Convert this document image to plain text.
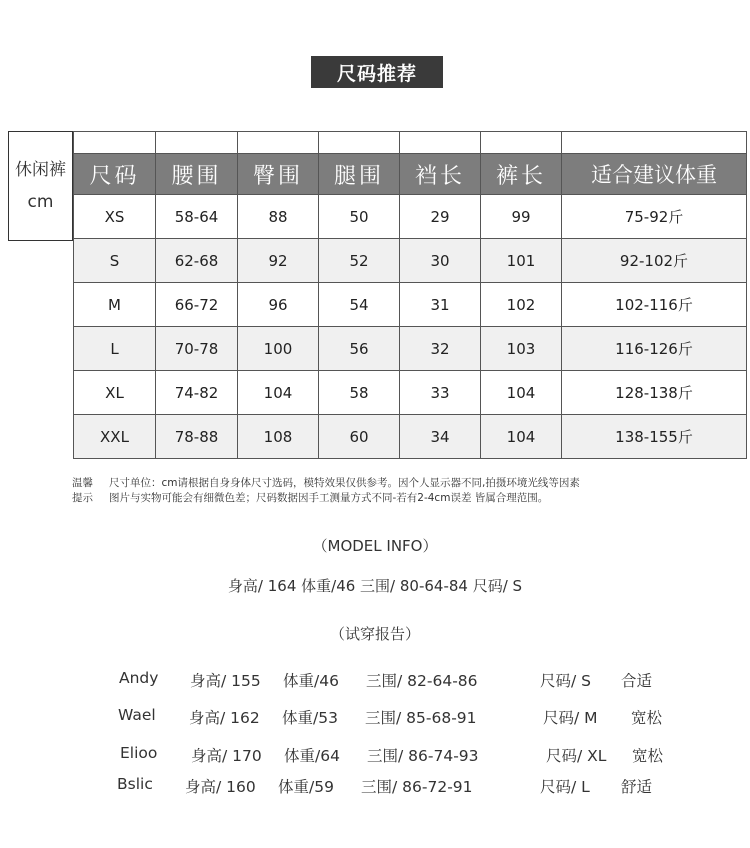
尺码推荐
休闲裤
cm

尺码	腰围	臀围	腿围	裆长	裤长	适合建议体重
XS	58-64	88	50	29	99	75-92斤
S	62-68	92	52	30	101	92-102斤
M	66-72	96	54	31	102	102-116斤
L	70-78	100	56	32	103	116-126斤
XL	74-82	104	58	33	104	128-138斤
XXL	78-88	108	60	34	104	138-155斤
温馨	尺寸单位：cm请根据自身身体尺寸选码，模特效果仅供参考。因个人显示器不同,拍摄环境光线等因素
提示	图片与实物可能会有细微色差；尺码数据因手工测量方式不同-若有2-4cm误差 皆属合理范围。
（MODEL INFO）
身高/ 164 体重/46 三围/ 80-64-84 尺码/ S
（试穿报告）
Andy 身高/ 155 体重/46 三围/ 82-64-86	尺码/ S 合适
Wael 身高/ 162 体重/53 三围/ 85-68-91	尺码/ M 宽松
Elioo 身高/ 170 体重/64 三围/ 86-74-93	尺码/ XL 宽松
Bslic 身高/ 160 体重/59 三围/ 86-72-91	尺码/ L 舒适
